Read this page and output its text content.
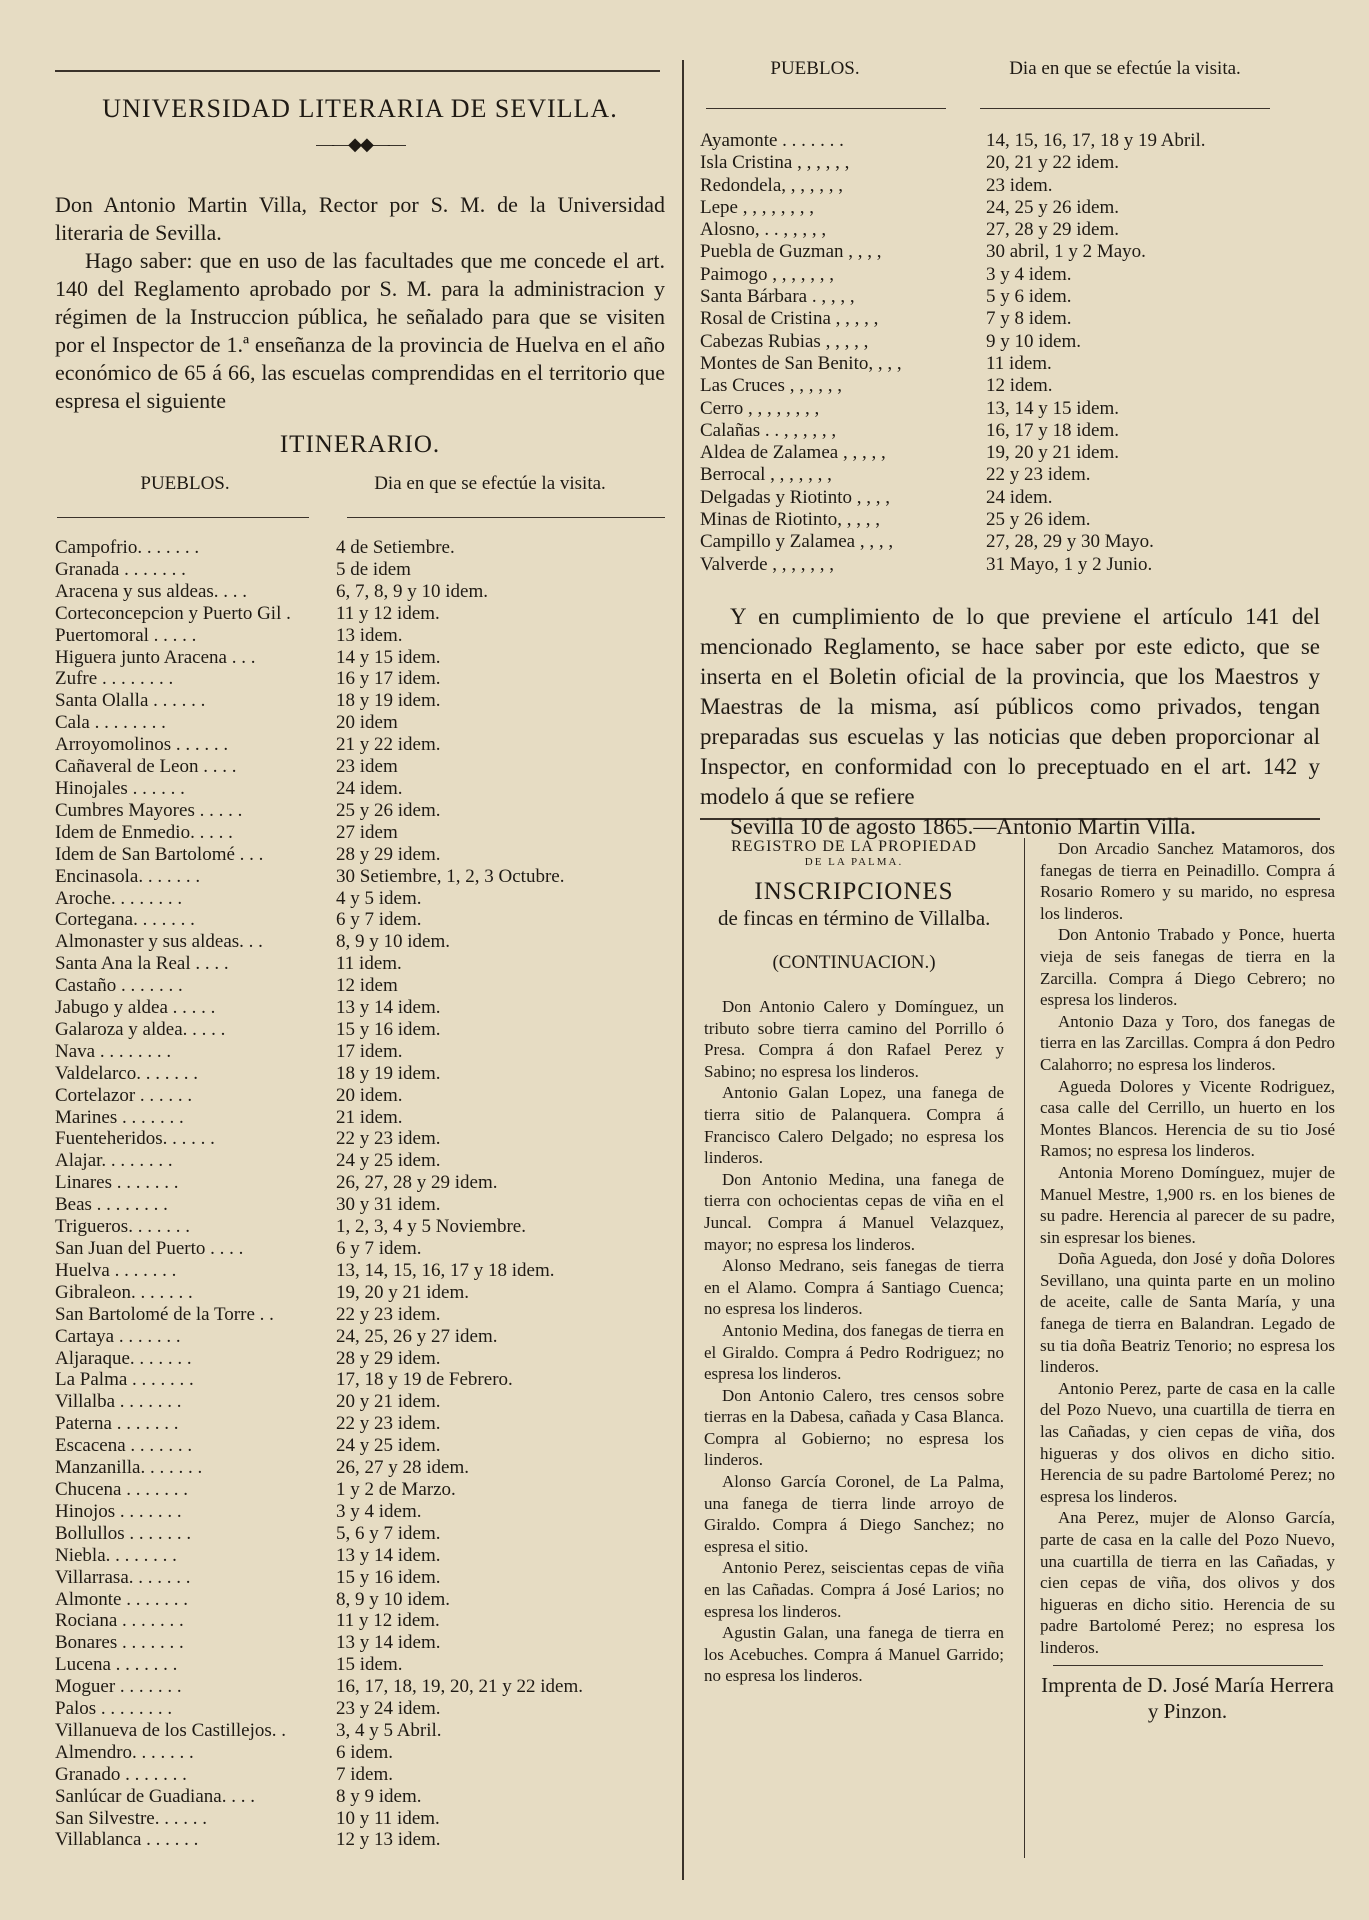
UNIVERSIDAD LITERARIA DE SEVILLA.
——◆◆——

Don Antonio Martin Villa, Rector por S. M. de la Universidad literaria de Sevilla.

Hago saber: que en uso de las facultades que me concede el art. 140 del Reglamento aprobado por S. M. para la administracion y régimen de la Instruccion pública, he señalado para que se visiten por el Inspector de 1.ª enseñanza de la provincia de Huelva en el año económico de 65 á 66, las escuelas comprendidas en el territorio que espresa el siguiente

ITINERARIO.
PUEBLOS.	Dia en que se efectúe la visita.
Campofrio. . . . . . .	4 de Setiembre.
Granada . . . . . . .	5 de idem
Aracena y sus aldeas. . . .	6, 7, 8, 9 y 10 idem.
Corteconcepcion y Puerto Gil .	11 y 12 idem.
Puertomoral . . . . .	13 idem.
Higuera junto Aracena . . .	14 y 15 idem.
Zufre . . . . . . . .	16 y 17 idem.
Santa Olalla . . . . . .	18 y 19 idem.
Cala . . . . . . . .	20 idem
Arroyomolinos . . . . . .	21 y 22 idem.
Cañaveral de Leon . . . .	23 idem
Hinojales . . . . . .	24 idem.
Cumbres Mayores . . . . .	25 y 26 idem.
Idem de Enmedio. . . . .	27 idem
Idem de San Bartolomé . . .	28 y 29 idem.
Encinasola. . . . . . .	30 Setiembre, 1, 2, 3 Octubre.
Aroche. . . . . . . .	4 y 5 idem.
Cortegana. . . . . . .	6 y 7 idem.
Almonaster y sus aldeas. . .	8, 9 y 10 idem.
Santa Ana la Real . . . .	11 idem.
Castaño . . . . . . .	12 idem
Jabugo y aldea . . . . .	13 y 14 idem.
Galaroza y aldea. . . . .	15 y 16 idem.
Nava . . . . . . . .	17 idem.
Valdelarco. . . . . . .	18 y 19 idem.
Cortelazor . . . . . .	20 idem.
Marines . . . . . . .	21 idem.
Fuenteheridos. . . . . .	22 y 23 idem.
Alajar. . . . . . . .	24 y 25 idem.
Linares . . . . . . .	26, 27, 28 y 29 idem.
Beas . . . . . . . .	30 y 31 idem.
Trigueros. . . . . . .	1, 2, 3, 4 y 5 Noviembre.
San Juan del Puerto . . . .	6 y 7 idem.
Huelva . . . . . . .	13, 14, 15, 16, 17 y 18 idem.
Gibraleon. . . . . . .	19, 20 y 21 idem.
San Bartolomé de la Torre . .	22 y 23 idem.
Cartaya . . . . . . .	24, 25, 26 y 27 idem.
Aljaraque. . . . . . .	28 y 29 idem.
La Palma . . . . . . .	17, 18 y 19 de Febrero.
Villalba . . . . . . .	20 y 21 idem.
Paterna . . . . . . .	22 y 23 idem.
Escacena . . . . . . .	24 y 25 idem.
Manzanilla. . . . . . .	26, 27 y 28 idem.
Chucena . . . . . . .	1 y 2 de Marzo.
Hinojos . . . . . . .	3 y 4 idem.
Bollullos . . . . . . .	5, 6 y 7 idem.
Niebla. . . . . . . .	13 y 14 idem.
Villarrasa. . . . . . .	15 y 16 idem.
Almonte . . . . . . .	8, 9 y 10 idem.
Rociana . . . . . . .	11 y 12 idem.
Bonares . . . . . . .	13 y 14 idem.
Lucena . . . . . . .	15 idem.
Moguer . . . . . . .	16, 17, 18, 19, 20, 21 y 22 idem.
Palos . . . . . . . .	23 y 24 idem.
Villanueva de los Castillejos. .	3, 4 y 5 Abril.
Almendro. . . . . . .	6 idem.
Granado . . . . . . .	7 idem.
Sanlúcar de Guadiana. . . .	8 y 9 idem.
San Silvestre. . . . . .	10 y 11 idem.
Villablanca . . . . . .	12 y 13 idem.
PUEBLOS.	Dia en que se efectúe la visita.
Ayamonte . . . . . . .	14, 15, 16, 17, 18 y 19 Abril.
Isla Cristina , , , , , ,	20, 21 y 22 idem.
Redondela, , , , , , ,	23 idem.
Lepe , , , , , , , ,	24, 25 y 26 idem.
Alosno, . . , , , , ,	27, 28 y 29 idem.
Puebla de Guzman , , , ,	30 abril, 1 y 2 Mayo.
Paimogo , , , , , , ,	3 y 4 idem.
Santa Bárbara . , , , ,	5 y 6 idem.
Rosal de Cristina , , , , ,	7 y 8 idem.
Cabezas Rubias , , , , ,	9 y 10 idem.
Montes de San Benito, , , ,	11 idem.
Las Cruces , , , , , ,	12 idem.
Cerro , , , , , , , ,	13, 14 y 15 idem.
Calañas . . , , , , , ,	16, 17 y 18 idem.
Aldea de Zalamea , , , , ,	19, 20 y 21 idem.
Berrocal , , , , , , ,	22 y 23 idem.
Delgadas y Riotinto , , , ,	24 idem.
Minas de Riotinto, , , , ,	25 y 26 idem.
Campillo y Zalamea , , , ,	27, 28, 29 y 30 Mayo.
Valverde , , , , , , ,	31 Mayo, 1 y 2 Junio.

Y en cumplimiento de lo que previene el artículo 141 del mencionado Reglamento, se hace saber por este edicto, que se inserta en el Boletin oficial de la provincia, que los Maestros y Maestras de la misma, así públicos como privados, tengan preparadas sus escuelas y las noticias que deben proporcionar al Inspector, en conformidad con lo preceptuado en el art. 142 y modelo á que se refiere

Sevilla 10 de agosto 1865.—Antonio Martin Villa.
REGISTRO DE LA PROPIEDAD
DE LA PALMA.
INSCRIPCIONES

de fincas en término de Villalba.

(CONTINUACION.)

Don Antonio Calero y Domínguez, un tributo sobre tierra camino del Porrillo ó Presa. Compra á don Rafael Perez y Sabino; no espresa los linderos.

Antonio Galan Lopez, una fanega de tierra sitio de Palanquera. Compra á Francisco Calero Delgado; no espresa los linderos.

Don Antonio Medina, una fanega de tierra con ochocientas cepas de viña en el Juncal. Compra á Manuel Velazquez, mayor; no espresa los linderos.

Alonso Medrano, seis fanegas de tierra en el Alamo. Compra á Santiago Cuenca; no espresa los linderos.

Antonio Medina, dos fanegas de tierra en el Giraldo. Compra á Pedro Rodriguez; no espresa los linderos.

Don Antonio Calero, tres censos sobre tierras en la Dabesa, cañada y Casa Blanca. Compra al Gobierno; no espresa los linderos.

Alonso García Coronel, de La Palma, una fanega de tierra linde arroyo de Giraldo. Compra á Diego Sanchez; no espresa el sitio.

Antonio Perez, seiscientas cepas de viña en las Cañadas. Compra á José Larios; no espresa los linderos.

Agustin Galan, una fanega de tierra en los Acebuches. Compra á Manuel Garrido; no espresa los linderos.

Don Arcadio Sanchez Matamoros, dos fanegas de tierra en Peinadillo. Compra á Rosario Romero y su marido, no espresa los linderos.

Don Antonio Trabado y Ponce, huerta vieja de seis fanegas de tierra en la Zarcilla. Compra á Diego Cebrero; no espresa los linderos.

Antonio Daza y Toro, dos fanegas de tierra en las Zarcillas. Compra á don Pedro Calahorro; no espresa los linderos.

Agueda Dolores y Vicente Rodriguez, casa calle del Cerrillo, un huerto en los Montes Blancos. Herencia de su tio José Ramos; no espresa los linderos.

Antonia Moreno Domínguez, mujer de Manuel Mestre, 1,900 rs. en los bienes de su padre. Herencia al parecer de su padre, sin espresar los bienes.

Doña Agueda, don José y doña Dolores Sevillano, una quinta parte en un molino de aceite, calle de Santa María, y una fanega de tierra en Balandran. Legado de su tia doña Beatriz Tenorio; no espresa los linderos.

Antonio Perez, parte de casa en la calle del Pozo Nuevo, una cuartilla de tierra en las Cañadas, y cien cepas de viña, dos higueras y dos olivos en dicho sitio. Herencia de su padre Bartolomé Perez; no espresa los linderos.

Ana Perez, mujer de Alonso García, parte de casa en la calle del Pozo Nuevo, una cuartilla de tierra en las Cañadas, y cien cepas de viña, dos olivos y dos higueras en dicho sitio. Herencia de su padre Bartolomé Perez; no espresa los linderos.

Imprenta de D. José María Herrera y Pinzon.
